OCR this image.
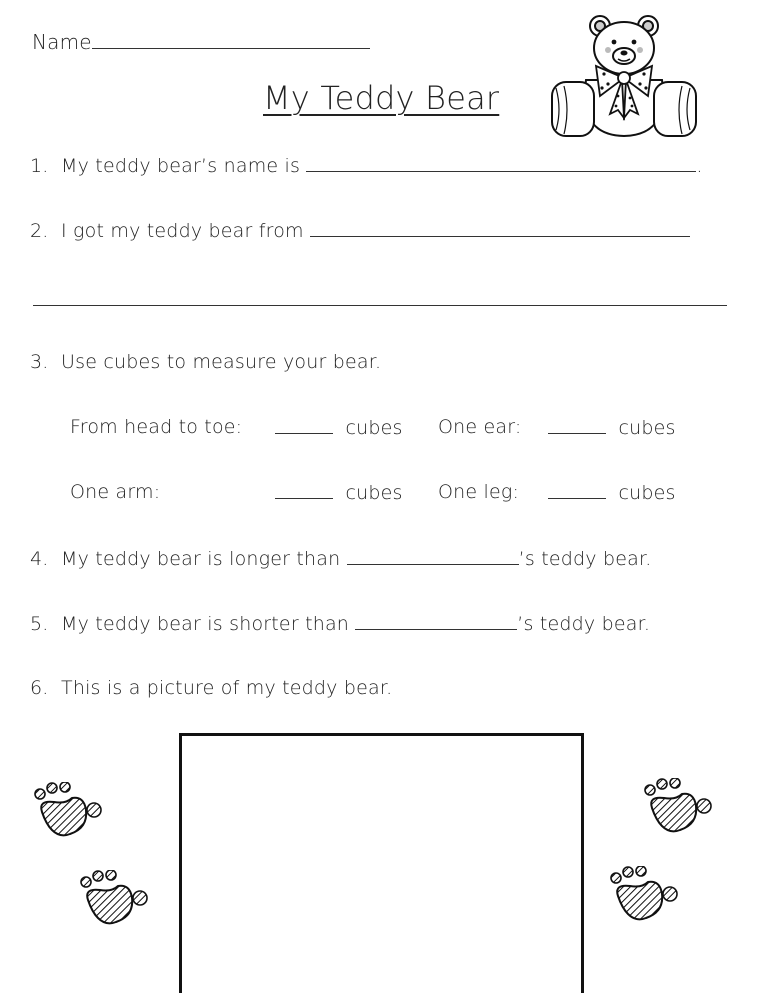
Name
My Teddy Bear
1. My teddy bear’s name is	.
2. I got my teddy bear from
3. Use cubes to measure your bear.
From head to toe:	cubes One ear:	cubes
One arm:	cubes One leg:	cubes
4. My teddy bear is longer than	’s teddy bear.
5. My teddy bear is shorter than	’s teddy bear.
6. This is a picture of my teddy bear.
